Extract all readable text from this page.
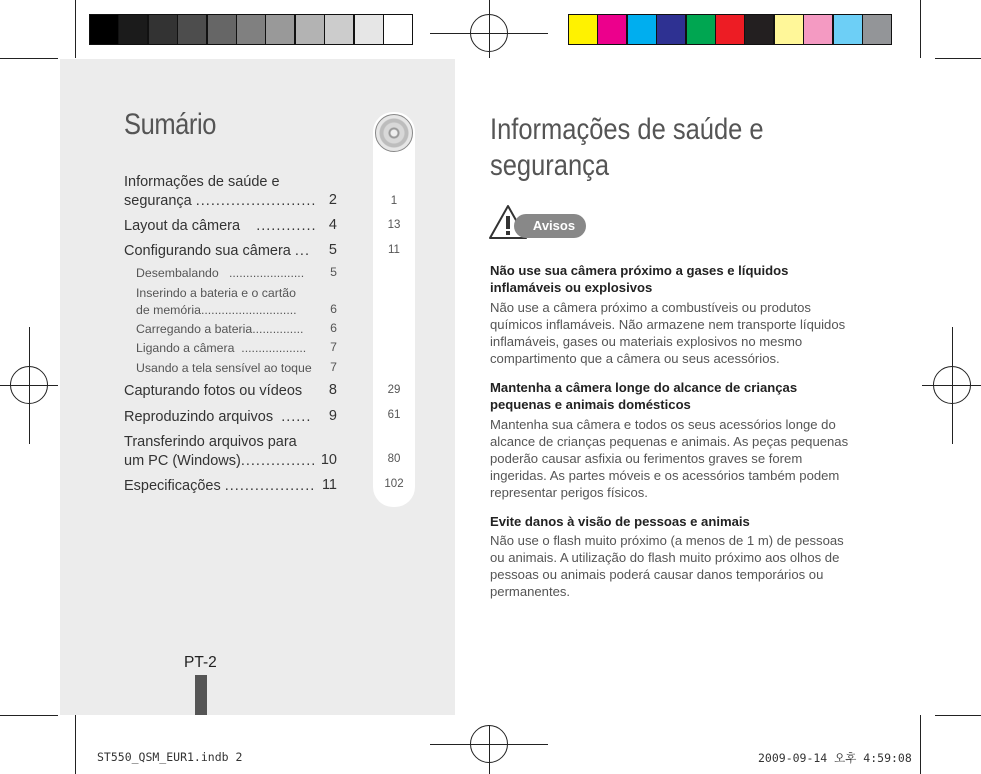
Sumário
Informações de saúde e
segurança ........................ 2
Layout da câmera ............ 4
Configurando sua câmera ...	5
Desembalando ......................	5
Inserindo a bateria e o cartão
de memória............................	6
Carregando a bateria...............	6
Ligando a câmera ...................	7
Usando a tela sensível ao toque	7
Capturando fotos ou vídeos	8
Reproduzindo arquivos ......	9
Transferindo arquivos para
um PC (Windows)............... 10
Especificações .................. 11
1
13
11
29
61
80
102
PT-2
Informações de saúde e
segurança
Avisos
Não use sua câmera próximo a gases e líquidos inflamáveis ou explosivos
Não use a câmera próximo a combustíveis ou produtos químicos inflamáveis. Não armazene nem transporte líquidos inflamáveis, gases ou materiais explosivos no mesmo compartimento que a câmera ou seus acessórios.
Mantenha a câmera longe do alcance de crianças pequenas e animais domésticos
Mantenha sua câmera e todos os seus acessórios longe do alcance de crianças pequenas e animais. As peças pequenas poderão causar asfixia ou ferimentos graves se forem ingeridas. As partes móveis e os acessórios também podem representar perigos físicos.
Evite danos à visão de pessoas e animais
Não use o flash muito próximo (a menos de 1 m) de pessoas ou animais. A utilização do flash muito próximo aos olhos de pessoas ou animais poderá causar danos temporários ou permanentes.
ST550_QSM_EUR1.indb 2	2009-09-14 오후 4:59:08
